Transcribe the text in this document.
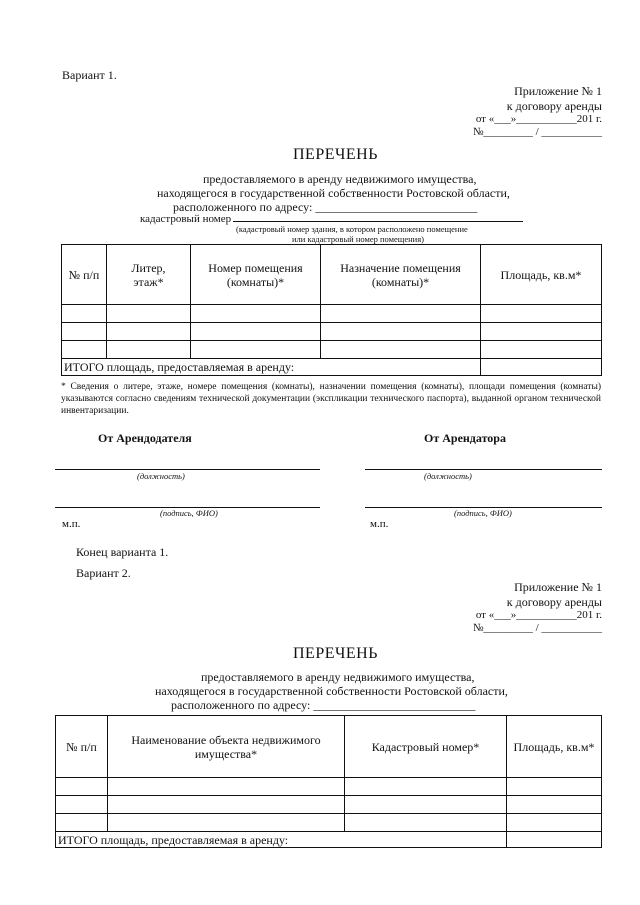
Вариант 1.
Приложение № 1
к договору аренды
от «___»___________201 г.
№_________ / ___________
ПЕРЕЧЕНЬ
предоставляемого в аренду недвижимого имущества,
находящегося в государственной собственности Ростовской области,
расположенного по адресу: ___________________________
кадастровый номер
(кадастровый номер здания, в котором расположено помещение
или кадастровый номер помещения)
№ п/п	Литер, этаж*	Номер помещения (комнаты)*	Назначение помещения (комнаты)*	Площадь, кв.м*

ИТОГО площадь, предоставляемая в аренду:				
* Сведения о литере, этаже, номере помещения (комнаты), назначении помещения (комнаты), площади помещения (комнаты) указываются согласно сведениям технической документации (экспликации технического паспорта), выданной органом технической инвентаризации.
От Арендодателя	От Арендатора
(должность)	(должность)
(подпись, ФИО)	(подпись, ФИО)
м.п.	м.п.
Конец варианта 1.
Вариант 2.
Приложение № 1
к договору аренды
от «___»___________201 г.
№_________ / ___________
ПЕРЕЧЕНЬ
предоставляемого в аренду недвижимого имущества,
находящегося в государственной собственности Ростовской области,
расположенного по адресу: ___________________________
№ п/п	Наименование объекта недвижимого имущества*	Кадастровый номер*	Площадь, кв.м*

ИТОГО площадь, предоставляемая в аренду:			
